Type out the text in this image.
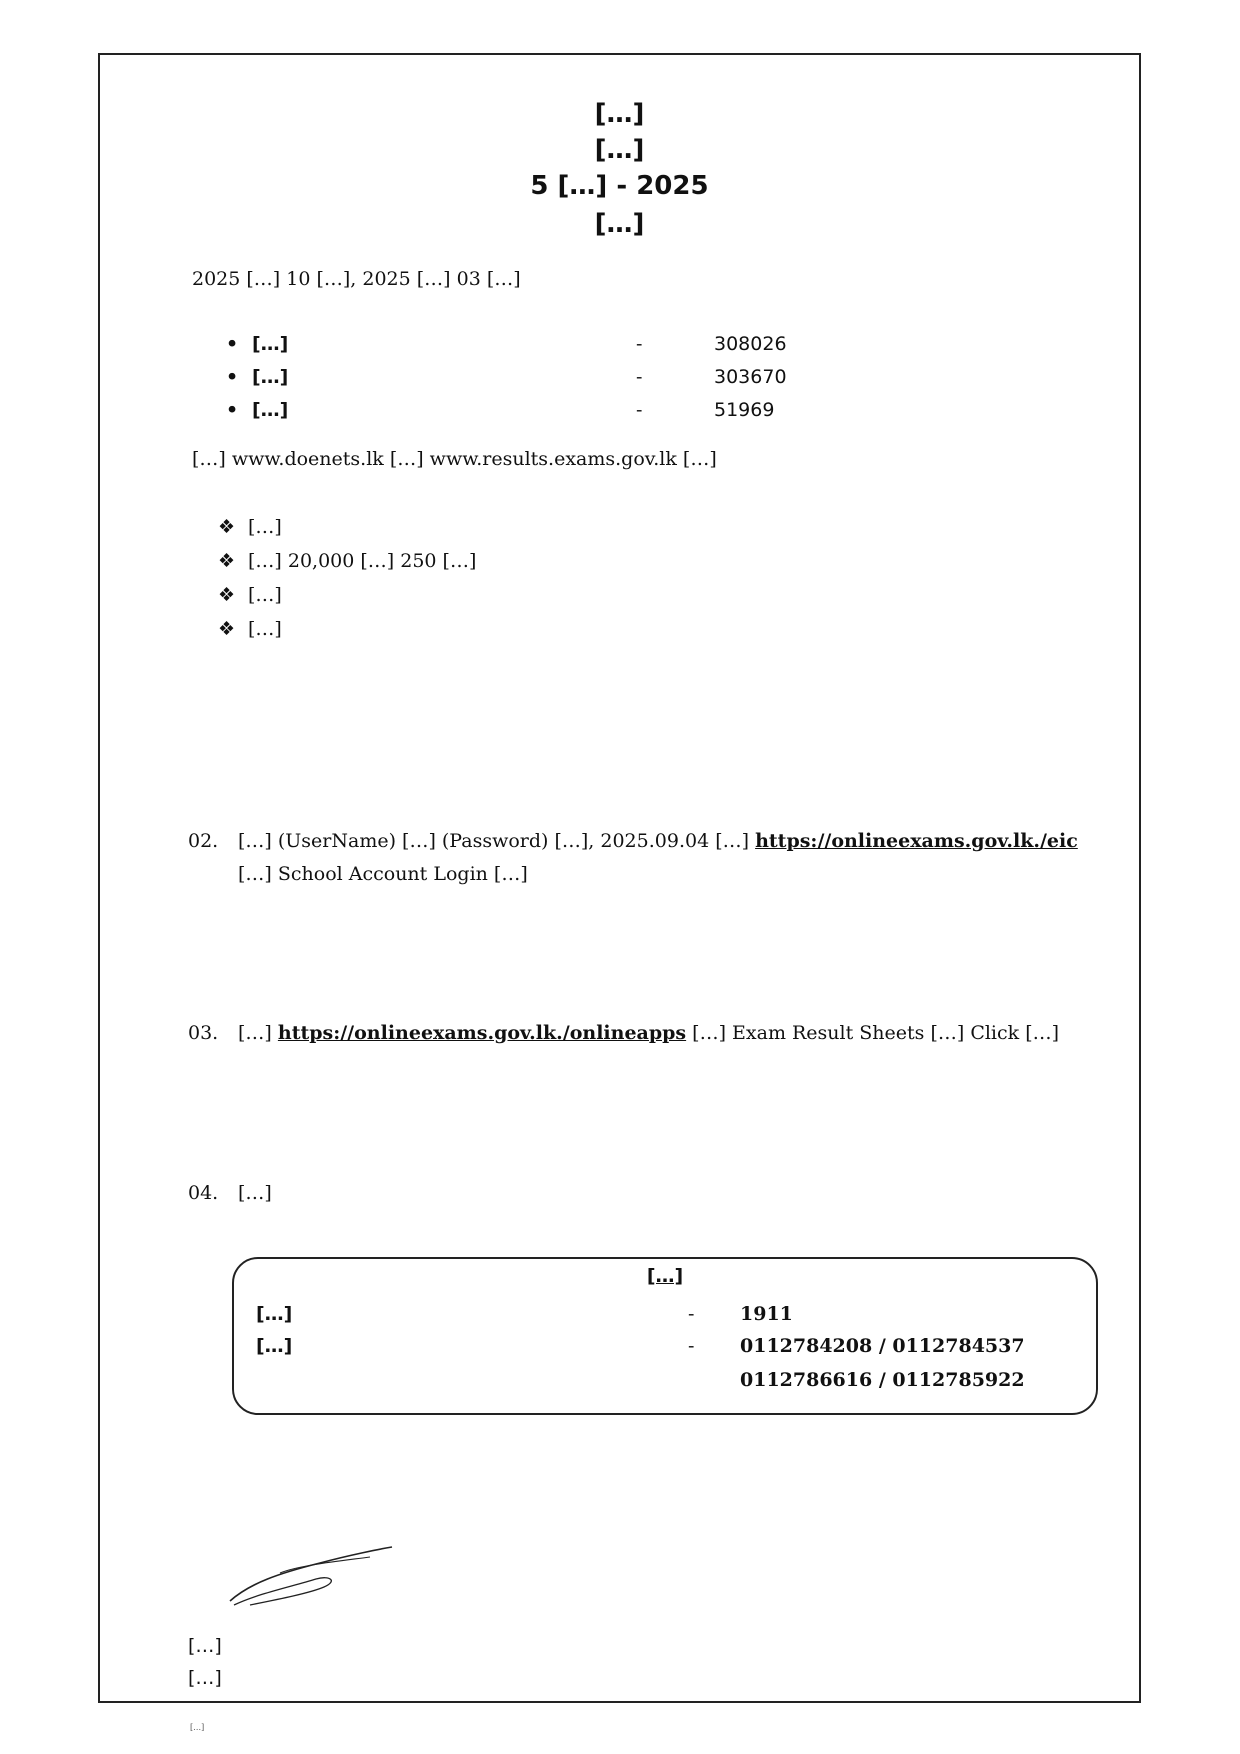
[…]
[…]
5 […] - 2025
[…]
2025 […] 10 […], 2025 […] 03 […]
• […]	-	308026
• […]	-	303670
• […]	-	51969
[…] www.doenets.lk […] www.results.exams.gov.lk […]
❖ […]
❖ […] 20,000 […] 250 […]
❖ […]
❖ […]
02. […] (UserName) […] (Password) […], 2025.09.04 […] https://onlineexams.gov.lk./eic […] School Account Login […]
03. […] https://onlineexams.gov.lk./onlineapps […] Exam Result Sheets […] Click […]
04. […]
[…]
[…]	- 1911
[…]	- 0112784208 / 0112784537
0112786616 / 0112785922
[…]
[…]
[…]
